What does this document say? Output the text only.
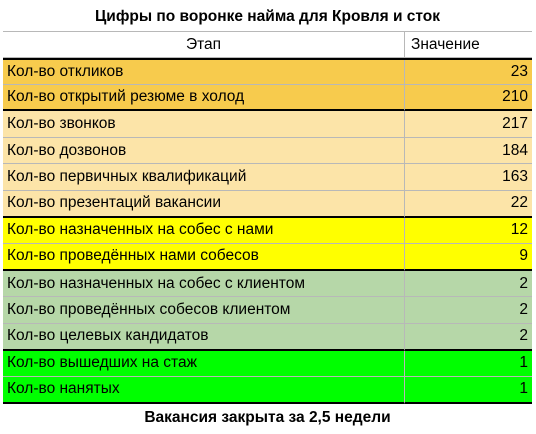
Цифры по воронке найма для Кровля и сток
Этап	Значение
Кол-во откликов	23
Кол-во открытий резюме в холод	210
Кол-во звонков	217
Кол-во дозвонов	184
Кол-во первичных квалификаций	163
Кол-во презентаций вакансии	22
Кол-во назначенных на собес с нами	12
Кол-во проведённых нами собесов	9
Кол-во назначенных на собес с клиентом	2
Кол-во проведённых собесов клиентом	2
Кол-во целевых кандидатов	2
Кол-во вышедших на стаж	1
Кол-во нанятых	1
Вакансия закрыта за 2,5 недели
